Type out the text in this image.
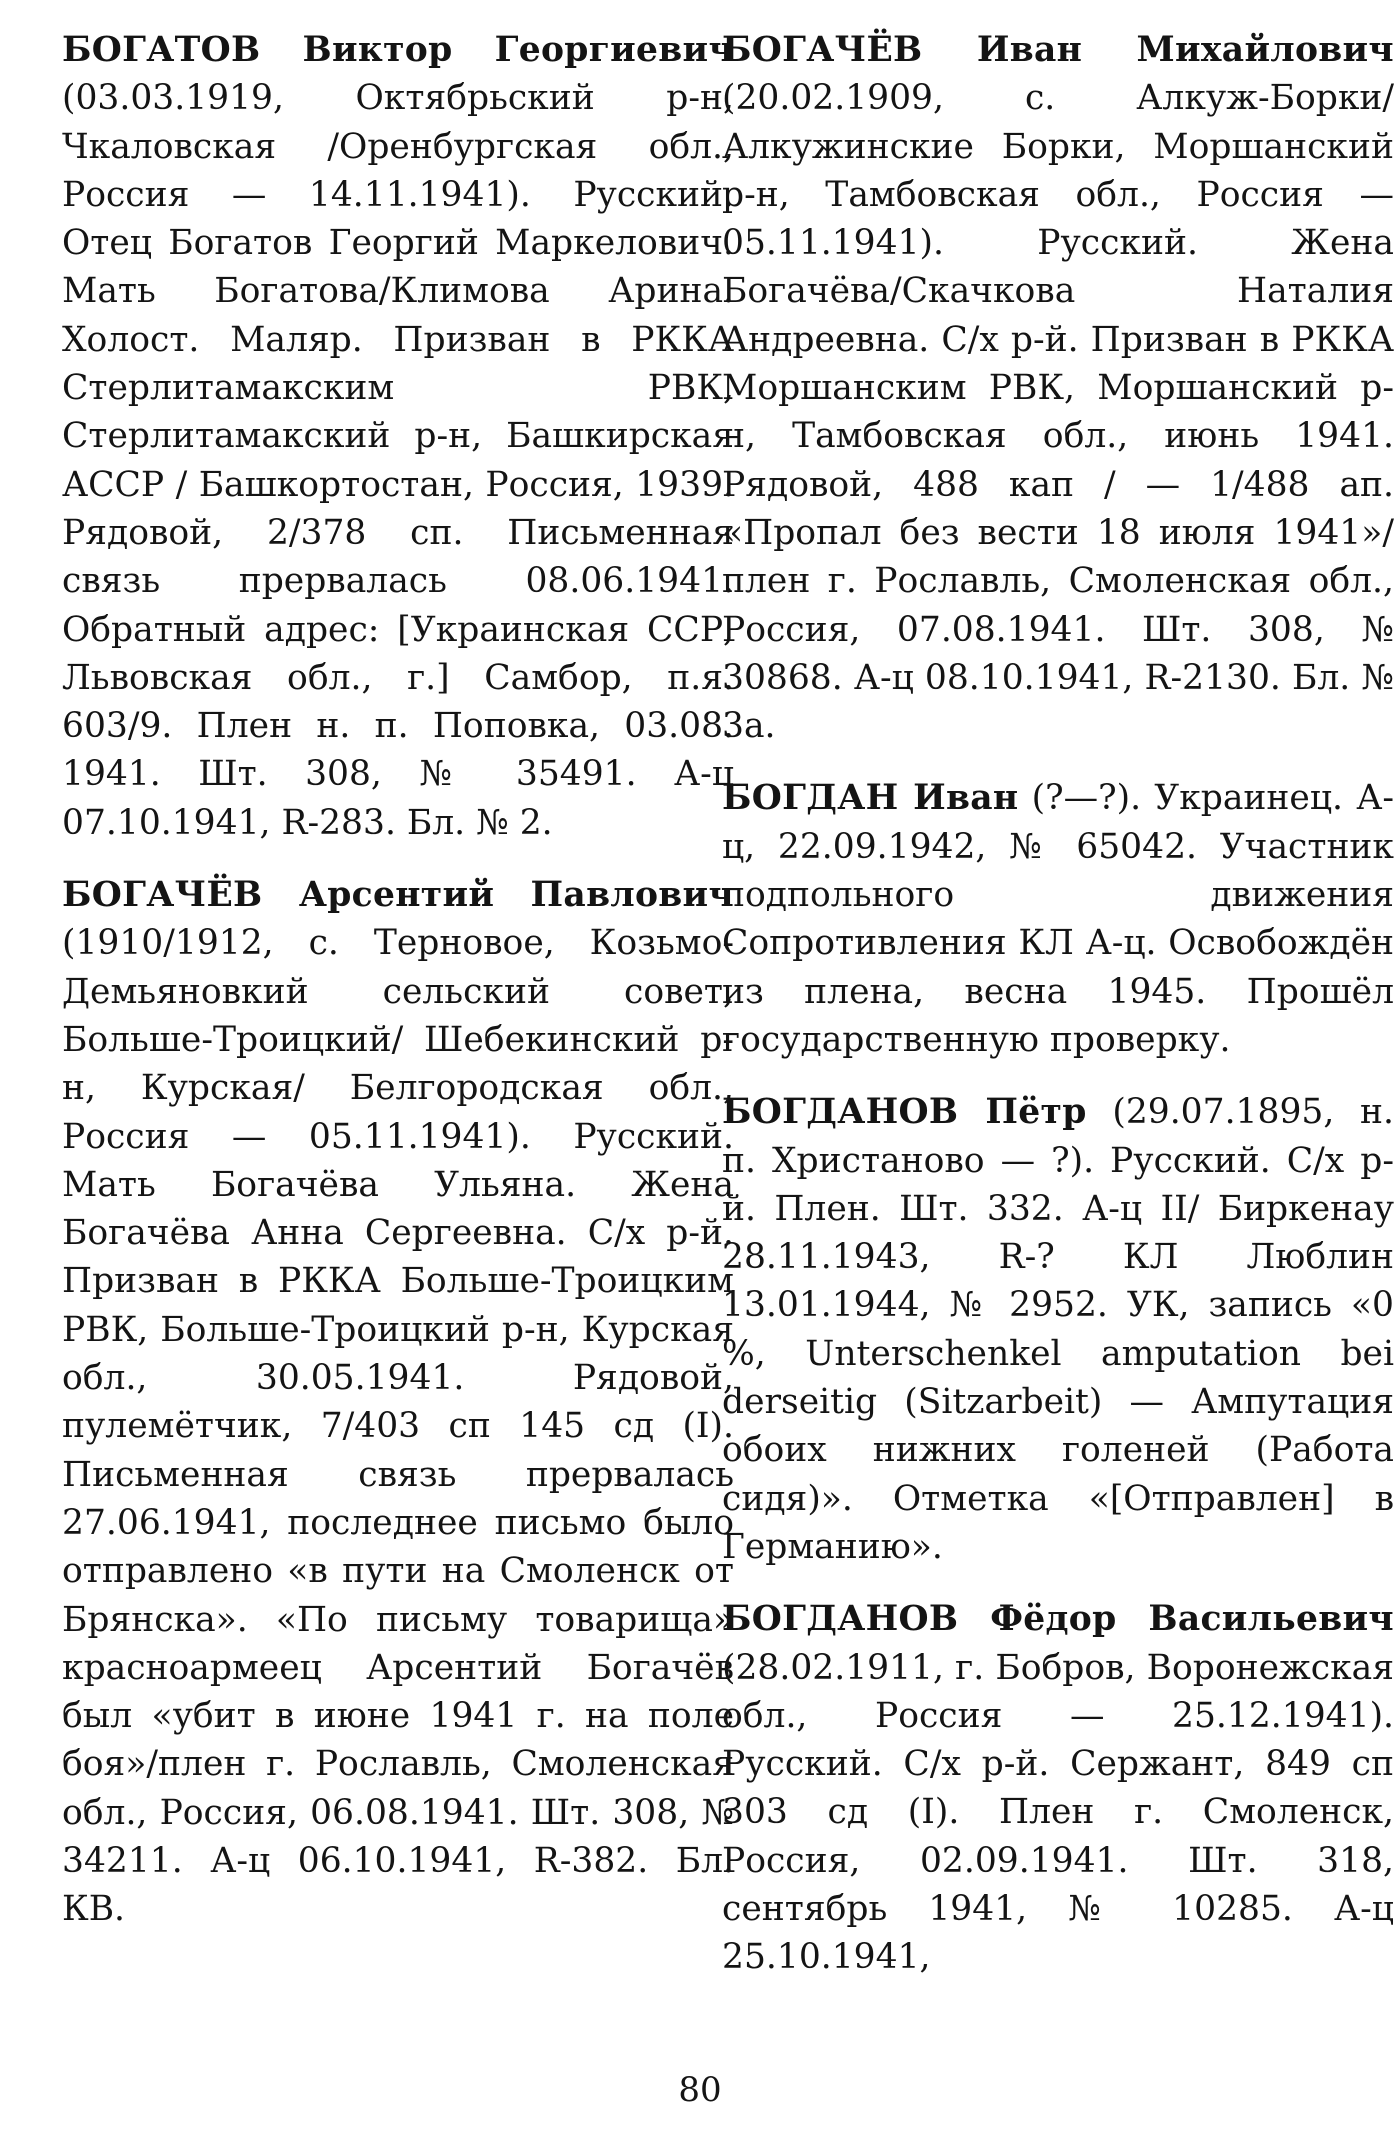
БОГАТОВ Виктор Георгиевич (03.03.1919, Октябрьский р-н, Чкаловская /Оренбургская обл., Россия — 14.11.1941). Русский. Отец Богатов Георгий Маркелович. Мать Богатова/Климова Арина. Холост. Маляр. Призван в РККА Стерлитамакским РВК, Стерлитамакский р-н, Башкирская АССР / Башкортостан, Россия, 1939. Рядовой, 2/378 сп. Письменная связь прервалась 08.06.1941. Обратный адрес: [Украинская ССР, Львовская обл., г.] Самбор, п.я. 603/9. Плен н. п. Поповка, 03.08. 1941. Шт. 308, № 35491. А-ц 07.10.1941, R-283. Бл. № 2.

БОГАЧЁВ Арсентий Павлович (1910/1912, с. Терновое, Козьмо-Демьяновкий сельский совет, Больше-Троицкий/ Шебекинский р-н, Курская/ Белгородская обл., Россия — 05.11.1941). Русский. Мать Богачёва Ульяна. Жена Богачёва Анна Сергеевна. С/х р-й. Призван в РККА Больше-Троицким РВК, Больше-Троицкий р-н, Курская обл., 30.05.1941. Рядовой, пулемётчик, 7/403 сп 145 сд (I). Письменная связь прервалась 27.06.1941, последнее письмо было отправлено «в пути на Смоленск от Брянска». «По письму товарища» красноармеец Арсентий Богачёв был «убит в июне 1941 г. на поле боя»/плен г. Рославль, Смоленская обл., Россия, 06.08.1941. Шт. 308, № 34211. А-ц 06.10.1941, R-382. Бл. КВ.

БОГАЧЁВ Иван Михайлович (20.02.1909, с. Алкуж-Борки/ Алкужинские Борки, Моршанский р-н, Тамбовская обл., Россия — 05.11.1941). Русский. Жена Богачёва/Скачкова Наталия Андреевна. С/х р-й. Призван в РККА Моршанским РВК, Моршанский р-н, Тамбовская обл., июнь 1941. Рядовой, 488 кап / — 1/488 ап. «Пропал без вести 18 июля 1941»/плен г. Рославль, Смоленская обл., Россия, 07.08.1941. Шт. 308, № 30868. А-ц 08.10.1941, R-2130. Бл. № 3а.

БОГДАН Иван (?—?). Украинец. А-ц, 22.09.1942, № 65042. Участник подпольного движения Сопротивления КЛ А-ц. Освобождён из плена, весна 1945. Прошёл государственную проверку.

БОГДАНОВ Пётр (29.07.1895, н. п. Христаново — ?). Русский. С/х р-й. Плен. Шт. 332. А-ц II/ Биркенау 28.11.1943, R-? КЛ Люблин 13.01.1944, № 2952. УК, запись «0 %, Unterschenkel amputation bei derseitig (Sitzarbeit) — Ампутация обоих нижних голеней (Работа сидя)». Отметка «[Отправлен] в Германию».

БОГДАНОВ Фёдор Васильевич (28.02.1911, г. Бобров, Воронежская обл., Россия — 25.12.1941). Русский. С/х р-й. Сержант, 849 сп 303 сд (I). Плен г. Смоленск, Россия, 02.09.1941. Шт. 318, сентябрь 1941, № 10285. А-ц 25.10.1941,

80
